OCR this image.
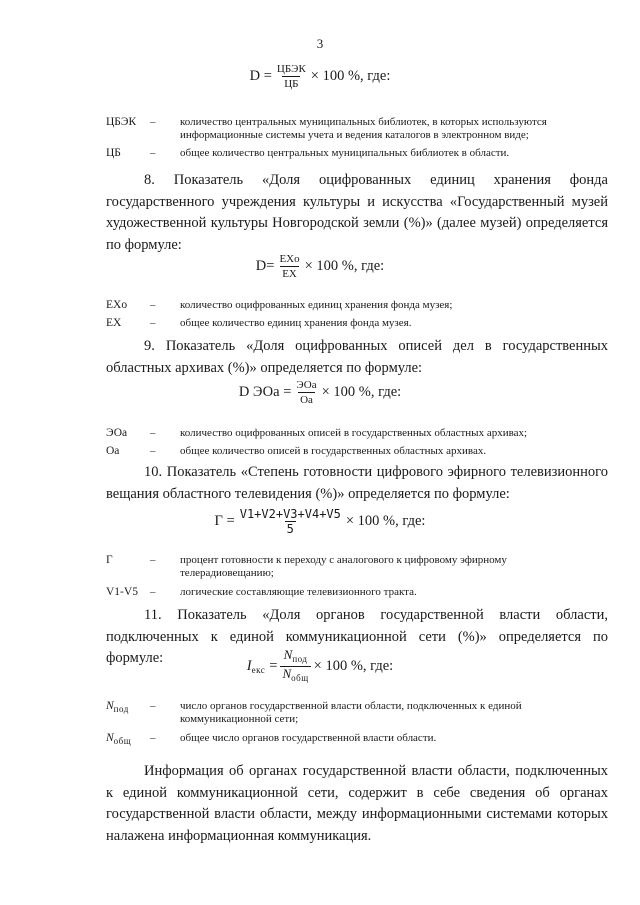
3
$D = \frac{\text{ЦБЭК}}{ЦБ} \times 100$ %, где:
ЦБЭК	–	количество центральных муниципальных библиотек, в которых используются информационные системы учета и ведения каталогов в электронном виде;
ЦБ	–	общее количество центральных муниципальных библиотек в области.

8. Показатель «Доля оцифрованных единиц хранения фонда государственного учреждения культуры и искусства «Государственный музей художественной культуры Новгородской земли (%)» (далее музей) определяется по формуле:

$D= \frac{\text{EXo}}{EX} \times 100$ %, где:
EXo	–	количество оцифрованных единиц хранения фонда музея;
EX	–	общее количество единиц хранения фонда музея.

9. Показатель «Доля оцифрованных описей дел в государственных областных архивах (%)» определяется по формуле:

D ЭОа = $\frac{\text{ЭОа}}{Оа} \times 100$ %, где:
ЭОа	–	количество оцифрованных описей в государственных областных архивах;
Оа	–	общее количество описей в государственных областных архивах.

10. Показатель «Степень готовности цифрового эфирного телевизионного вещания областного телевидения (%)» определяется по формуле:

$Г = \frac{V1+V2+V3+V4+V5}{5} \times 100$ %, где:
Г	–	процент готовности к переходу с аналогового к цифровому эфирному телерадиовещанию;
V1-V5	–	логические составляющие телевизионного тракта.

11. Показатель «Доля органов государственной власти области, подключенных к единой коммуникационной сети (%)» определяется по формуле:	$I_{екс} = \frac{N_{под}}{N_{общ}} \times 100$ %, где:
$N_{под}$	–	число органов государственной власти области, подключенных к единой коммуникационной сети;
$N_{общ}$	–	общее число органов государственной власти области.

Информация об органах государственной власти области, подключенных к единой коммуникационной сети, содержит в себе сведения об органах государственной власти области, между информационными системами которых налажена информационная коммуникация.
